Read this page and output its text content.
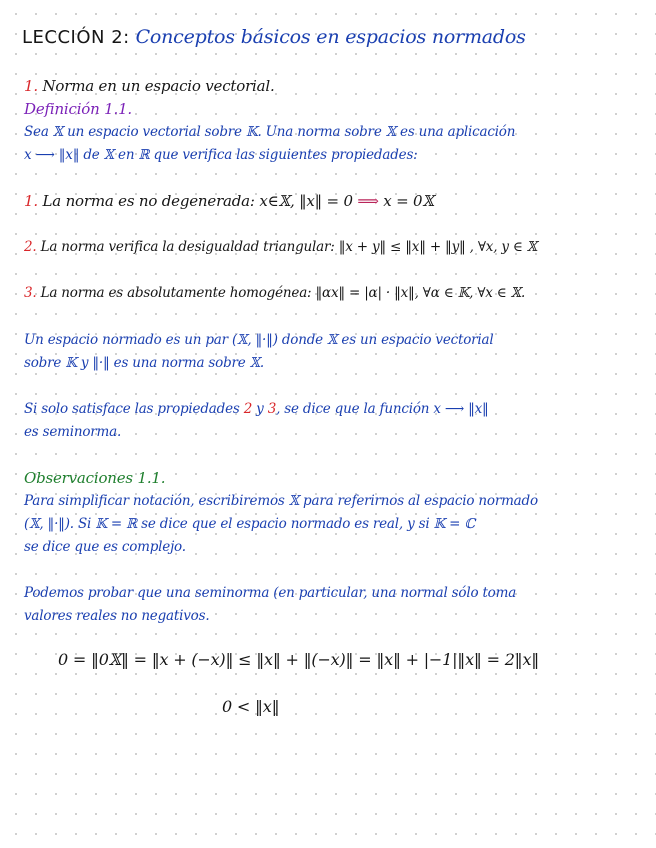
LECCIÓN 2: Conceptos básicos en espacios normados
1. Norma en un espacio vectorial.
Definición 1.1.
Sea 𝕏 un espacio vectorial sobre 𝕂. Una norma sobre 𝕏 es una aplicación
x ⟶ ‖x‖ de 𝕏 en ℝ que verifica las siguientes propiedades:
1. La norma es no degenerada: x∈𝕏, ‖x‖ = 0 ⟹ x = 0𝕏
2. La norma verifica la desigualdad triangular: ‖x + y‖ ≤ ‖x‖ + ‖y‖ , ∀x, y ∈ 𝕏
3. La norma es absolutamente homogénea: ‖αx‖ = |α| · ‖x‖, ∀α ∈ 𝕂, ∀x ∈ 𝕏.
Un espacio normado es un par (𝕏, ‖·‖) donde 𝕏 es un espacio vectorial
sobre 𝕂 y ‖·‖ es una norma sobre 𝕏.
Si solo satisface las propiedades 2 y 3, se dice que la función x ⟶ ‖x‖
es seminorma.
Observaciones 1.1.
Para simplificar notación, escribiremos 𝕏 para referirnos al espacio normado
(𝕏, ‖·‖). Si 𝕂 = ℝ se dice que el espacio normado es real, y si 𝕂 = ℂ
se dice que es complejo.
Podemos probar que una seminorma (en particular, una normal sólo toma
valores reales no negativos.
0 = ‖0𝕏‖ = ‖x + (−x)‖ ≤ ‖x‖ + ‖(−x)‖ = ‖x‖ + |−1|‖x‖ = 2‖x‖
0 < ‖x‖
